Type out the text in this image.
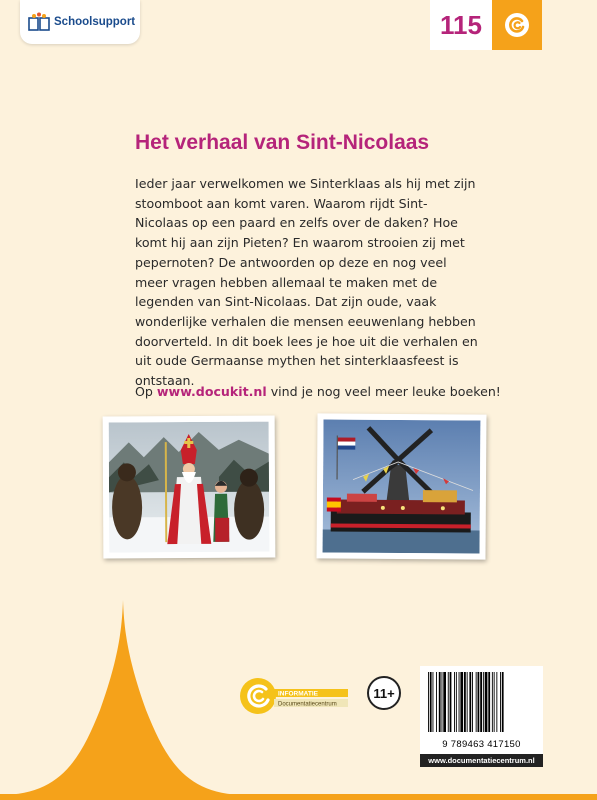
Schoolsupport	115
Het verhaal van Sint-Nicolaas

Ieder jaar verwelkomen we Sinterklaas als hij met zijn stoomboot aan komt varen. Waarom rijdt Sint-Nicolaas op een paard en zelfs over de daken? Hoe komt hij aan zijn Pieten? En waarom strooien zij met pepernoten? De antwoorden op deze en nog veel meer vragen hebben allemaal te maken met de legenden van Sint-Nicolaas. Dat zijn oude, vaak wonderlijke verhalen die mensen eeuwenlang hebben doorverteld. In dit boek lees je hoe uit die verhalen en uit oude Germaanse mythen het sinterklaasfeest is ontstaan.

Op www.docukit.nl vind je nog veel meer leuke boeken!

INFORMATIE
Documentatiecentrum
11+
9 789463 417150
www.documentatiecentrum.nl
